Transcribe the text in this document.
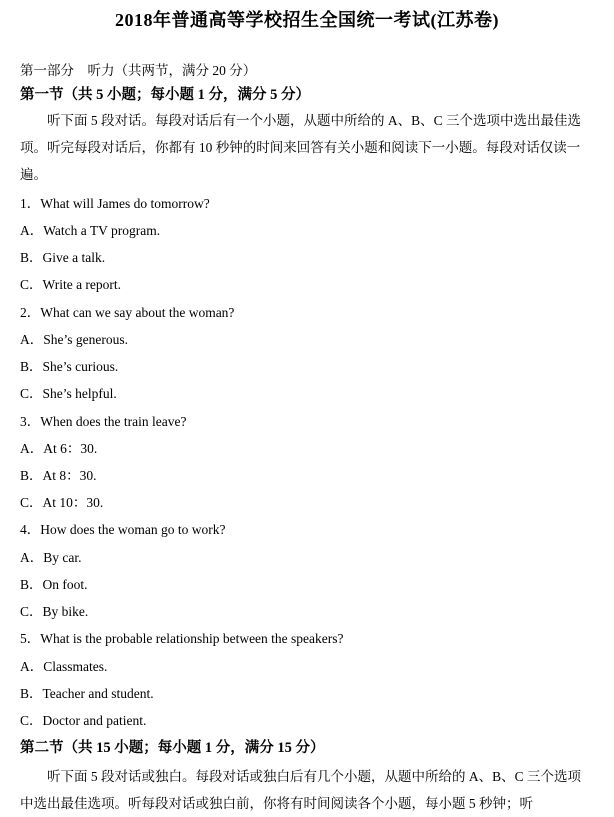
2018年普通高等学校招生全国统一考试(江苏卷)
第一部分　听力（共两节，满分 20 分）
第一节（共 5 小题；每小题 1 分，满分 5 分）
听下面 5 段对话。每段对话后有一个小题，从题中所给的 A、B、C 三个选项中选出最佳选项。听完每段对话后，你都有 10 秒钟的时间来回答有关小题和阅读下一小题。每段对话仅读一遍。
1．What will James do tomorrow?
A．Watch a TV program.
B．Give a talk.
C．Write a report.
2．What can we say about the woman?
A．She’s generous.
B．She’s curious.
C．She’s helpful.
3．When does the train leave?
A．At 6：30.
B．At 8：30.
C．At 10：30.
4．How does the woman go to work?
A．By car.
B．On foot.
C．By bike.
5．What is the probable relationship between the speakers?
A．Classmates.
B．Teacher and student.
C．Doctor and patient.
第二节（共 15 小题；每小题 1 分，满分 15 分）
听下面 5 段对话或独白。每段对话或独白后有几个小题，从题中所给的 A、B、C 三个选项中选出最佳选项。听每段对话或独白前，你将有时间阅读各个小题，每小题 5 秒钟；听
